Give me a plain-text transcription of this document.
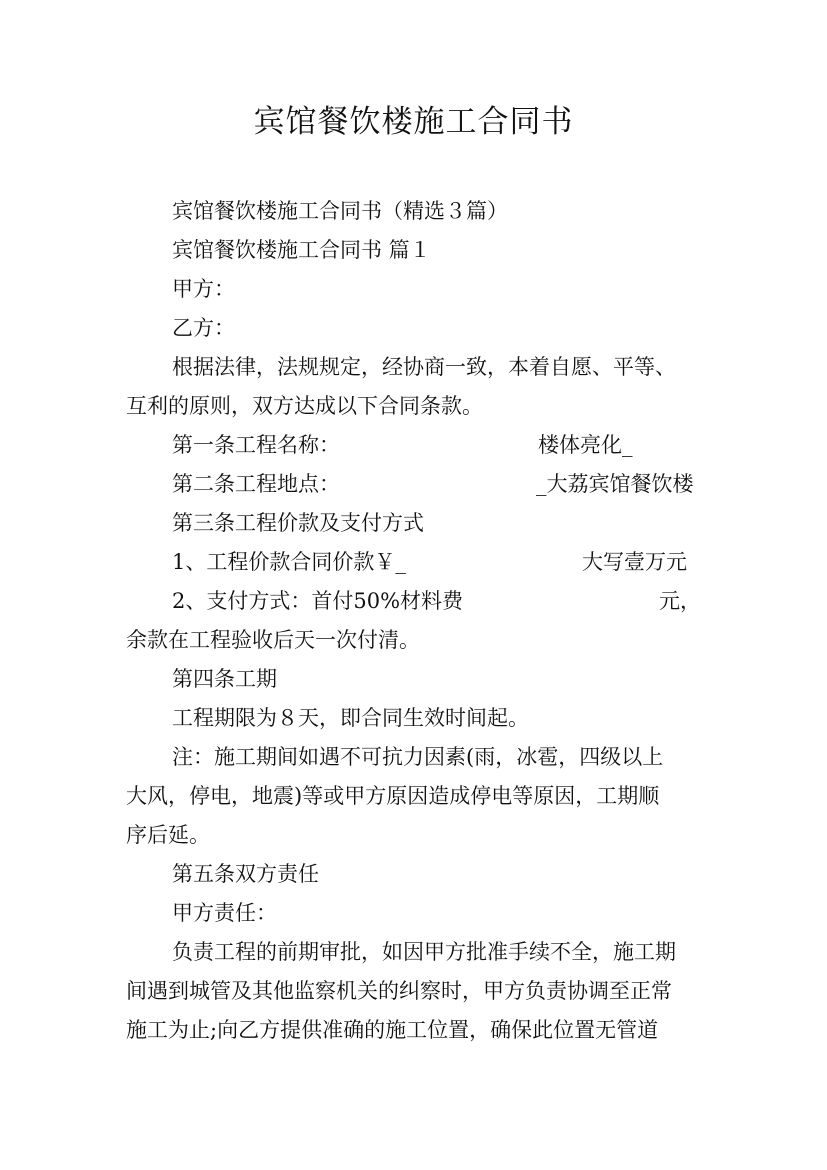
宾馆餐饮楼施工合同书
宾馆餐饮楼施工合同书（精选３篇）
宾馆餐饮楼施工合同书 篇１
甲方：
乙方：
根据法律，法规规定，经协商一致，本着自愿、平等、
互利的原则，双方达成以下合同条款。
第一条工程名称：	楼体亮化_
第二条工程地点：	_大荔宾馆餐饮楼
第三条工程价款及支付方式
1、工程价款合同价款￥_	大写壹万元
2、支付方式：首付50%材料费	元，
余款在工程验收后天一次付清。
第四条工期
工程期限为８天，即合同生效时间起。
注：施工期间如遇不可抗力因素(雨，冰雹，四级以上
大风，停电，地震)等或甲方原因造成停电等原因，工期顺
序后延。
第五条双方责任
甲方责任：
负责工程的前期审批，如因甲方批准手续不全，施工期
间遇到城管及其他监察机关的纠察时，甲方负责协调至正常
施工为止;向乙方提供准确的施工位置，确保此位置无管道
